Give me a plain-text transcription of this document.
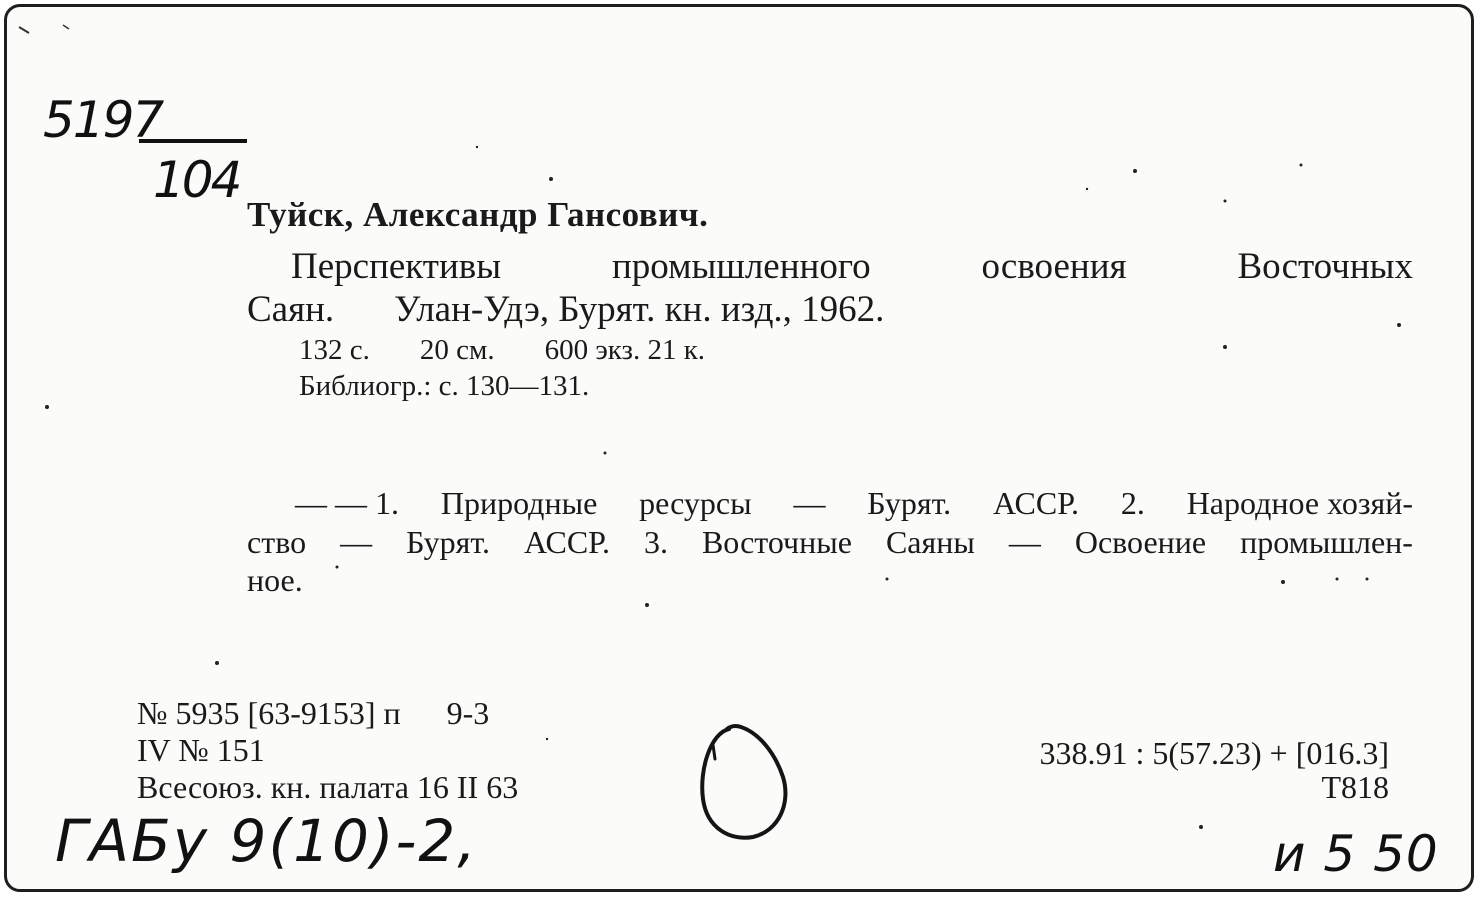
5197
104
Туйск, Александр Гансович.
Перспективы	промышленного	освоения	Восточных
Саян. Улан-Удэ, Бурят. кн. изд., 1962.
132 с. 20 см. 600 экз. 21 к.
Библиогр.: с. 130—131.
— — 1. Природные ресурсы — Бурят. АССР. 2. Народное хозяй-
ство — Бурят. АССР. 3. Восточные Саяны — Освоение промышлен-
ное.
№ 5935 [63-9153] п 9-3
IV № 151
Всесоюз. кн. палата 16 II 63
338.91 : 5(57.23) + [016.3]
Т818
ГАБу 9(10)-2,	и 5 50
